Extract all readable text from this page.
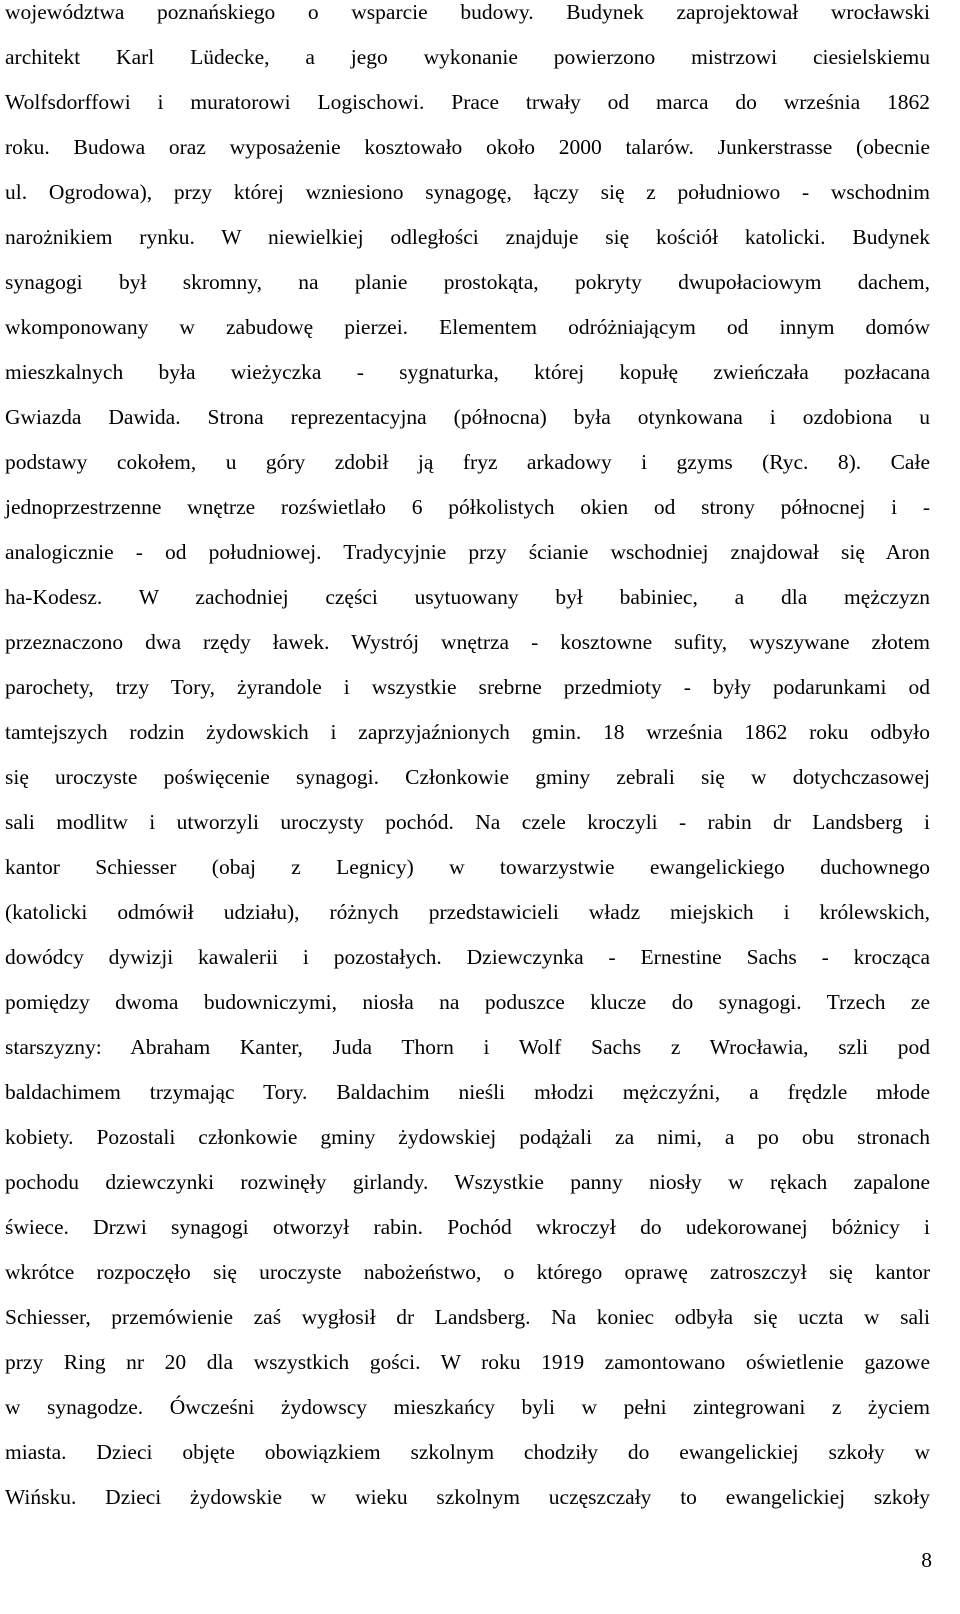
województwa poznańskiego o wsparcie budowy. Budynek zaprojektował wrocławski
architekt Karl Lüdecke, a jego wykonanie powierzono mistrzowi ciesielskiemu
Wolfsdorffowi i muratorowi Logischowi. Prace trwały od marca do września 1862
roku. Budowa oraz wyposażenie kosztowało około 2000 talarów. Junkerstrasse (obecnie
ul. Ogrodowa), przy której wzniesiono synagogę, łączy się z południowo - wschodnim
narożnikiem rynku. W niewielkiej odległości znajduje się kościół katolicki. Budynek
synagogi był skromny, na planie prostokąta, pokryty dwupołaciowym dachem,
wkomponowany w zabudowę pierzei. Elementem odróżniającym od innym domów
mieszkalnych była wieżyczka - sygnaturka, której kopułę zwieńczała pozłacana
Gwiazda Dawida. Strona reprezentacyjna (północna) była otynkowana i ozdobiona u
podstawy cokołem, u góry zdobił ją fryz arkadowy i gzyms (Ryc. 8). Całe
jednoprzestrzenne wnętrze rozświetlało 6 półkolistych okien od strony północnej i -
analogicznie - od południowej. Tradycyjnie przy ścianie wschodniej znajdował się Aron
ha-Kodesz. W zachodniej części usytuowany był babiniec, a dla mężczyzn
przeznaczono dwa rzędy ławek. Wystrój wnętrza - kosztowne sufity, wyszywane złotem
parochety, trzy Tory, żyrandole i wszystkie srebrne przedmioty - były podarunkami od
tamtejszych rodzin żydowskich i zaprzyjaźnionych gmin. 18 września 1862 roku odbyło
się uroczyste poświęcenie synagogi. Członkowie gminy zebrali się w dotychczasowej
sali modlitw i utworzyli uroczysty pochód. Na czele kroczyli - rabin dr Landsberg i
kantor Schiesser (obaj z Legnicy) w towarzystwie ewangelickiego duchownego
(katolicki odmówił udziału), różnych przedstawicieli władz miejskich i królewskich,
dowódcy dywizji kawalerii i pozostałych. Dziewczynka - Ernestine Sachs - krocząca
pomiędzy dwoma budowniczymi, niosła na poduszce klucze do synagogi. Trzech ze
starszyzny: Abraham Kanter, Juda Thorn i Wolf Sachs z Wrocławia, szli pod
baldachimem trzymając Tory. Baldachim nieśli młodzi mężczyźni, a frędzle młode
kobiety. Pozostali członkowie gminy żydowskiej podążali za nimi, a po obu stronach
pochodu dziewczynki rozwinęły girlandy. Wszystkie panny niosły w rękach zapalone
świece. Drzwi synagogi otworzył rabin. Pochód wkroczył do udekorowanej bóżnicy i
wkrótce rozpoczęło się uroczyste nabożeństwo, o którego oprawę zatroszczył się kantor
Schiesser, przemówienie zaś wygłosił dr Landsberg. Na koniec odbyła się uczta w sali
przy Ring nr 20 dla wszystkich gości. W roku 1919 zamontowano oświetlenie gazowe
w synagodze. Ówcześni żydowscy mieszkańcy byli w pełni zintegrowani z życiem
miasta. Dzieci objęte obowiązkiem szkolnym chodziły do ewangelickiej szkoły w
Wińsku. Dzieci żydowskie w wieku szkolnym uczęszczały to ewangelickiej szkoły
8
